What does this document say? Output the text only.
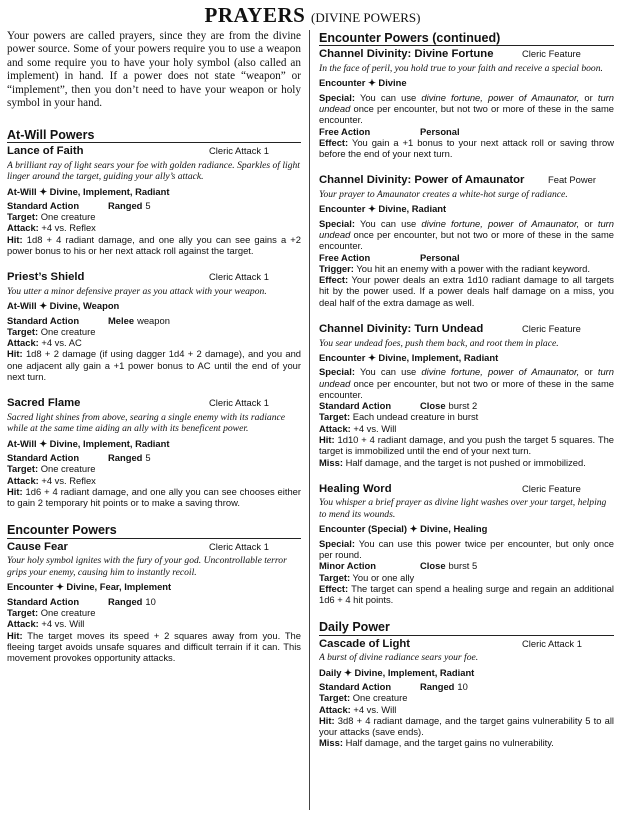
PRAYERS (DIVINE POWERS)

Your powers are called prayers, since they are from the divine power source. Some of your powers require you to use a weapon and some require you to have your holy symbol (also called an implement) in hand. If a power does not state “weapon” or “implement”, then you don’t need to have your weapon or holy symbol in your hand.

At-Will Powers
Lance of Faith	Cleric Attack 1
A brilliant ray of light sears your foe with golden radiance. Sparkles of light linger around the target, guiding your ally’s attack.
At-Will ✦ Divine, Implement, Radiant
Standard Action	Ranged 5
Target: One creature
Attack: +4 vs. Reflex
Hit: 1d8 + 4 radiant damage, and one ally you can see gains a +2 power bonus to his or her next attack roll against the target.
Priest’s Shield	Cleric Attack 1
You utter a minor defensive prayer as you attack with your weapon.
At-Will ✦ Divine, Weapon
Standard Action	Melee weapon
Target: One creature
Attack: +4 vs. AC
Hit: 1d8 + 2 damage (if using dagger 1d4 + 2 damage), and you and one adjacent ally gain a +1 power bonus to AC until the end of your next turn.
Sacred Flame	Cleric Attack 1
Sacred light shines from above, searing a single enemy with its radiance while at the same time aiding an ally with its beneficent power.
At-Will ✦ Divine, Implement, Radiant
Standard Action	Ranged 5
Target: One creature
Attack: +4 vs. Reflex
Hit: 1d6 + 4 radiant damage, and one ally you can see chooses either to gain 2 temporary hit points or to make a saving throw.
Encounter Powers
Cause Fear	Cleric Attack 1
Your holy symbol ignites with the fury of your god. Uncontrollable terror grips your enemy, causing him to instantly recoil.
Encounter ✦ Divine, Fear, Implement
Standard Action	Ranged 10
Target: One creature
Attack: +4 vs. Will
Hit: The target moves its speed + 2 squares away from you. The fleeing target avoids unsafe squares and difficult terrain if it can. This movement provokes opportunity attacks.
Encounter Powers (continued)
Channel Divinity: Divine Fortune	Cleric Feature
In the face of peril, you hold true to your faith and receive a special boon.
Encounter ✦ Divine
Special: You can use divine fortune, power of Amaunator, or turn undead once per encounter, but not two or more of these in the same encounter.
Free Action	Personal
Effect: You gain a +1 bonus to your next attack roll or saving throw before the end of your next turn.
Channel Divinity: Power of Amaunator	Feat Power
Your prayer to Amaunator creates a white-hot surge of radiance.
Encounter ✦ Divine, Radiant
Special: You can use divine fortune, power of Amaunator, or turn undead once per encounter, but not two or more of these in the same encounter.
Free Action	Personal
Trigger: You hit an enemy with a power with the radiant keyword.
Effect: Your power deals an extra 1d10 radiant damage to all targets hit by the power used. If a power deals half damage on a miss, you deal half of the extra damage as well.
Channel Divinity: Turn Undead	Cleric Feature
You sear undead foes, push them back, and root them in place.
Encounter ✦ Divine, Implement, Radiant
Special: You can use divine fortune, power of Amaunator, or turn undead once per encounter, but not two or more of these in the same encounter.
Standard Action	Close burst 2
Target: Each undead creature in burst
Attack: +4 vs. Will
Hit: 1d10 + 4 radiant damage, and you push the target 5 squares. The target is immobilized until the end of your next turn.
Miss: Half damage, and the target is not pushed or immobilized.
Healing Word	Cleric Feature
You whisper a brief prayer as divine light washes over your target, helping to mend its wounds.
Encounter (Special) ✦ Divine, Healing
Special: You can use this power twice per encounter, but only once per round.
Minor Action	Close burst 5
Target: You or one ally
Effect: The target can spend a healing surge and regain an additional 1d6 + 4 hit points.
Daily Power
Cascade of Light	Cleric Attack 1
A burst of divine radiance sears your foe.
Daily ✦ Divine, Implement, Radiant
Standard Action	Ranged 10
Target: One creature
Attack: +4 vs. Will
Hit: 3d8 + 4 radiant damage, and the target gains vulnerability 5 to all your attacks (save ends).
Miss: Half damage, and the target gains no vulnerability.
